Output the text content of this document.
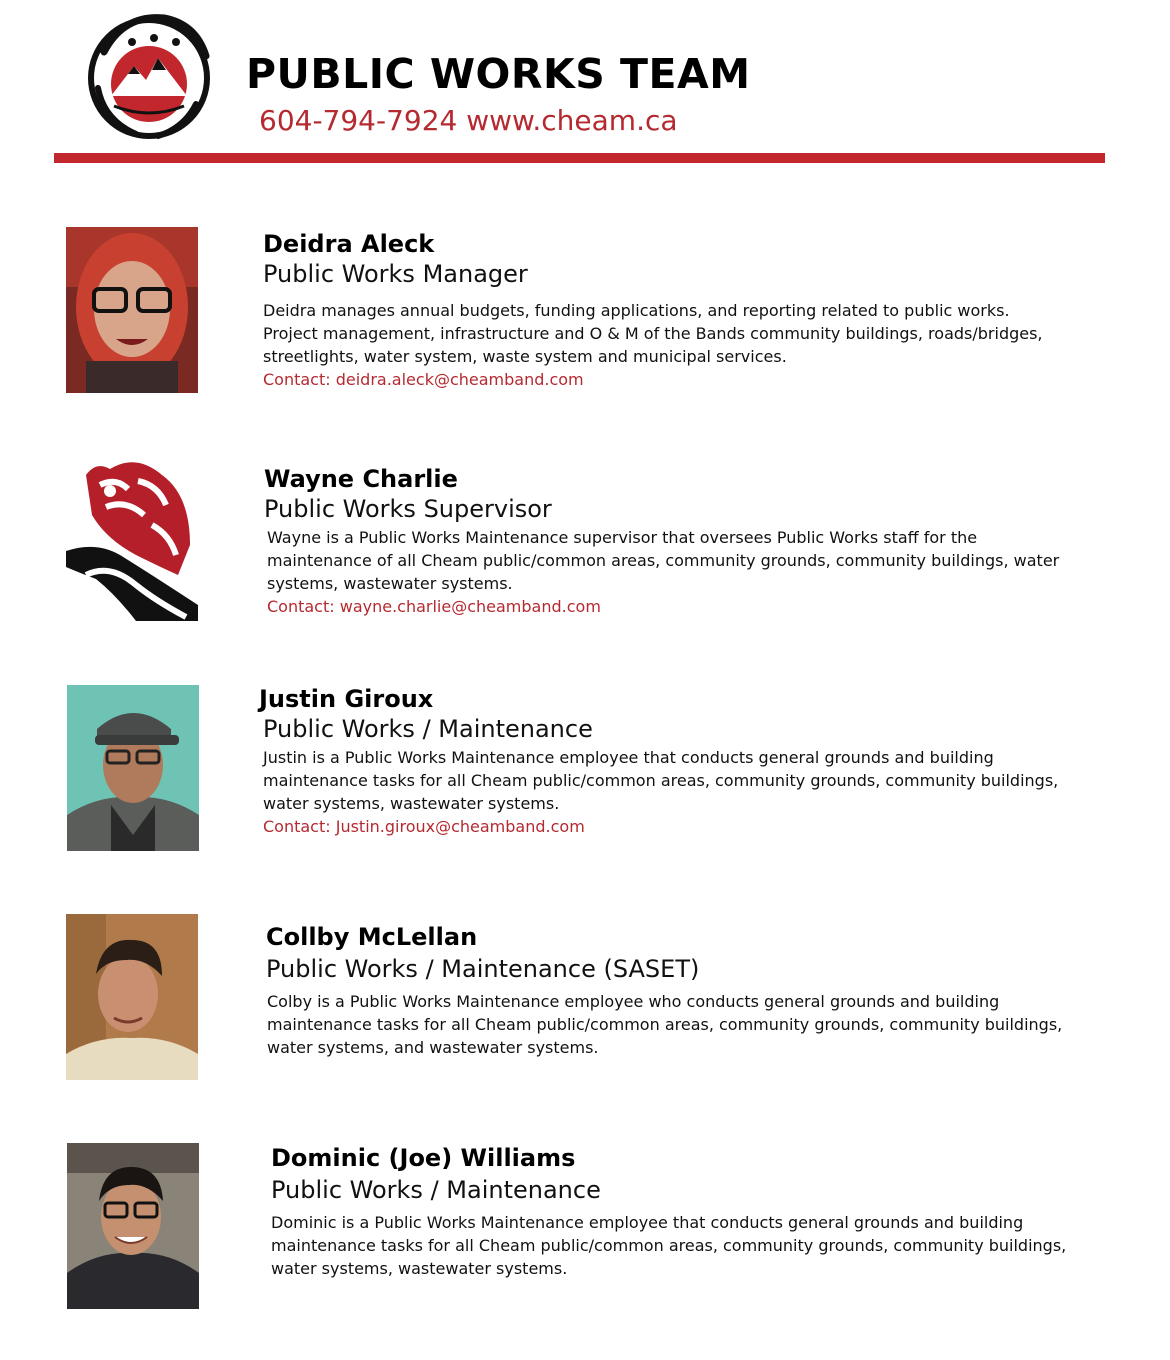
PUBLIC WORKS TEAM
604-794-7924 www.cheam.ca
Deidra Aleck
Public Works Manager
Deidra manages annual budgets, funding applications, and reporting related to public works. Project management, infrastructure and O & M of the Bands community buildings, roads/bridges, streetlights, water system, waste system and municipal services.
Contact: deidra.aleck@cheamband.com
Wayne Charlie
Public Works Supervisor
Wayne is a Public Works Maintenance supervisor that oversees Public Works staff for the maintenance of all Cheam public/common areas, community grounds, community buildings, water systems, wastewater systems.
Contact: wayne.charlie@cheamband.com
Justin Giroux
Public Works / Maintenance
Justin is a Public Works Maintenance employee that conducts general grounds and building maintenance tasks for all Cheam public/common areas, community grounds, community buildings, water systems, wastewater systems.
Contact: Justin.giroux@cheamband.com
Collby McLellan
Public Works / Maintenance (SASET)
Colby is a Public Works Maintenance employee who conducts general grounds and building maintenance tasks for all Cheam public/common areas, community grounds, community buildings, water systems, and wastewater systems.
Dominic (Joe) Williams
Public Works / Maintenance
Dominic is a Public Works Maintenance employee that conducts general grounds and building maintenance tasks for all Cheam public/common areas, community grounds, community buildings, water systems, wastewater systems.
